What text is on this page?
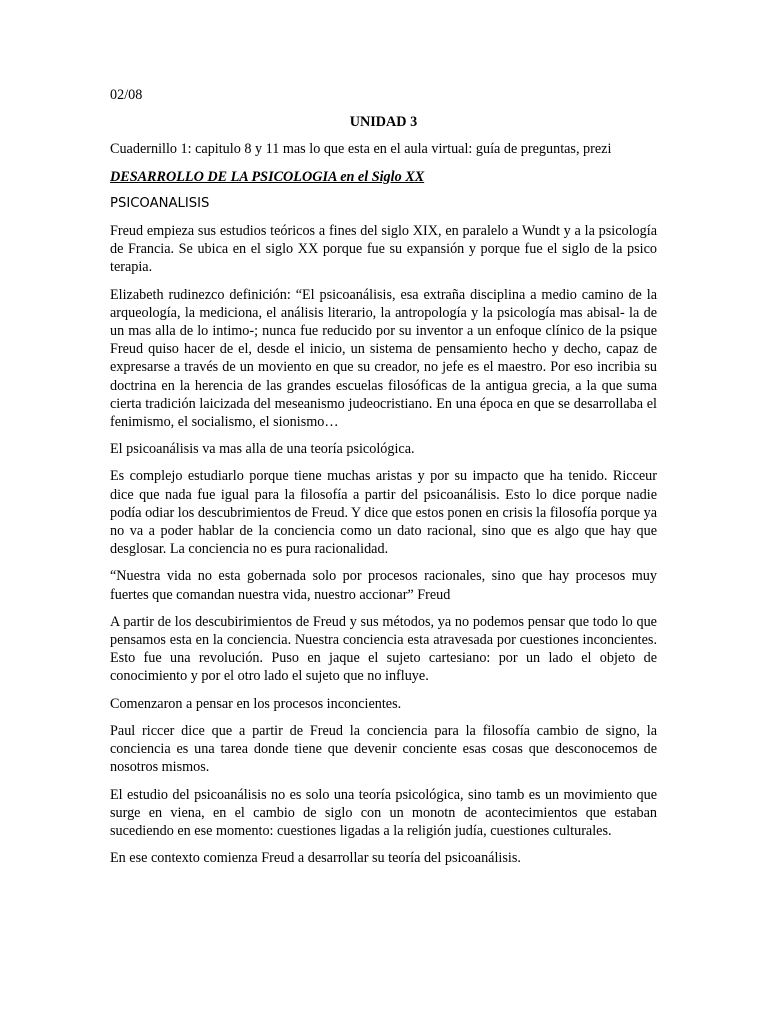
02/08

UNIDAD 3

Cuadernillo 1: capitulo 8 y 11 mas lo que esta en el aula virtual: guía de preguntas, prezi

DESARROLLO DE LA PSICOLOGIA en el Siglo XX

PSICOANALISIS

Freud empieza sus estudios teóricos a fines del siglo XIX, en paralelo a Wundt y a la psicología de Francia. Se ubica en el siglo XX porque fue su expansión y porque fue el siglo de la psico terapia.

Elizabeth rudinezco definición: “El psicoanálisis, esa extraña disciplina a medio camino de la arqueología, la mediciona, el análisis literario, la antropología y la psicología mas abisal- la de un mas alla de lo intimo-; nunca fue reducido por su inventor a un enfoque clínico de la psique Freud quiso hacer de el, desde el inicio, un sistema de pensamiento hecho y decho, capaz de expresarse a través de un moviento en que su creador, no jefe es el maestro. Por eso incribia su doctrina en la herencia de las grandes escuelas filosóficas de la antigua grecia, a la que suma cierta tradición laicizada del meseanismo judeocristiano. En una época en que se desarrollaba el fenimismo, el socialismo, el sionismo…

El psicoanálisis va mas alla de una teoría psicológica.

Es complejo estudiarlo porque tiene muchas aristas y por su impacto que ha tenido. Ricceur dice que nada fue igual para la filosofía a partir del psicoanálisis. Esto lo dice porque nadie podía odiar los descubrimientos de Freud. Y dice que estos ponen en crisis la filosofía porque ya no va a poder hablar de la conciencia como un dato racional, sino que es algo que hay que desglosar. La conciencia no es pura racionalidad.

“Nuestra vida no esta gobernada solo por procesos racionales, sino que hay procesos muy fuertes que comandan nuestra vida, nuestro accionar” Freud

A partir de los descubirimientos de Freud y sus métodos, ya no podemos pensar que todo lo que pensamos esta en la conciencia. Nuestra conciencia esta atravesada por cuestiones inconcientes. Esto fue una revolución. Puso en jaque el sujeto cartesiano: por un lado el objeto de conocimiento y por el otro lado el sujeto que no influye.

Comenzaron a pensar en los procesos inconcientes.

Paul riccer dice que a partir de Freud la conciencia para la filosofía cambio de signo, la conciencia es una tarea donde tiene que devenir conciente esas cosas que desconocemos de nosotros mismos.

El estudio del psicoanálisis no es solo una teoría psicológica, sino tamb es un movimiento que surge en viena, en el cambio de siglo con un monotn de acontecimientos que estaban sucediendo en ese momento: cuestiones ligadas a la religión judía, cuestiones culturales.

En ese contexto comienza Freud a desarrollar su teoría del psicoanálisis.
